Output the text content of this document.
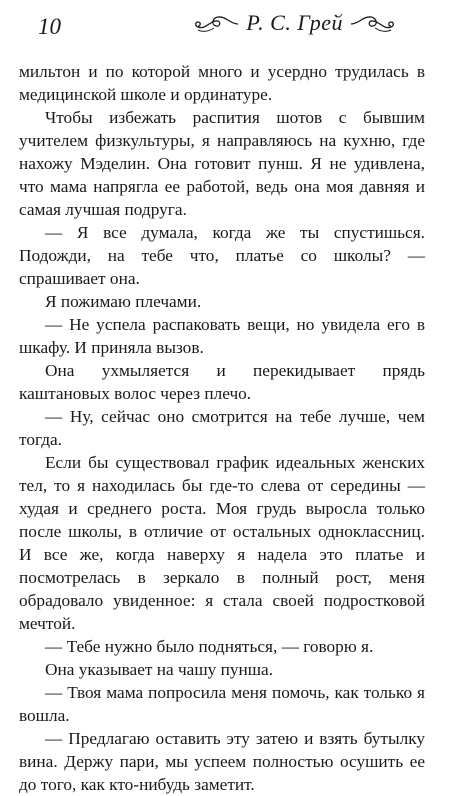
10	Р. С. Грей

мильтон и по которой много и усердно трудилась в медицинской школе и ординатуре.

Чтобы избежать распития шотов с бывшим учителем физкультуры, я направляюсь на кухню, где нахожу Мэделин. Она готовит пунш. Я не удивлена, что мама напрягла ее работой, ведь она моя давняя и самая лучшая подруга.

— Я все думала, когда же ты спустишься. Подожди, на тебе что, платье со школы? — спрашивает она.

Я пожимаю плечами.

— Не успела распаковать вещи, но увидела его в шкафу. И приняла вызов.

Она ухмыляется и перекидывает прядь каштановых волос через плечо.

— Ну, сейчас оно смотрится на тебе лучше, чем тогда.

Если бы существовал график идеальных женских тел, то я находилась бы где-то слева от середины — худая и среднего роста. Моя грудь выросла только после школы, в отличие от остальных одноклассниц. И все же, когда наверху я надела это платье и посмотрелась в зеркало в полный рост, меня обрадовало увиденное: я стала своей подростковой мечтой.

— Тебе нужно было подняться, — говорю я.

Она указывает на чашу пунша.

— Твоя мама попросила меня помочь, как только я вошла.

— Предлагаю оставить эту затею и взять бутылку вина. Держу пари, мы успеем полностью осушить ее до того, как кто-нибудь заметит.
